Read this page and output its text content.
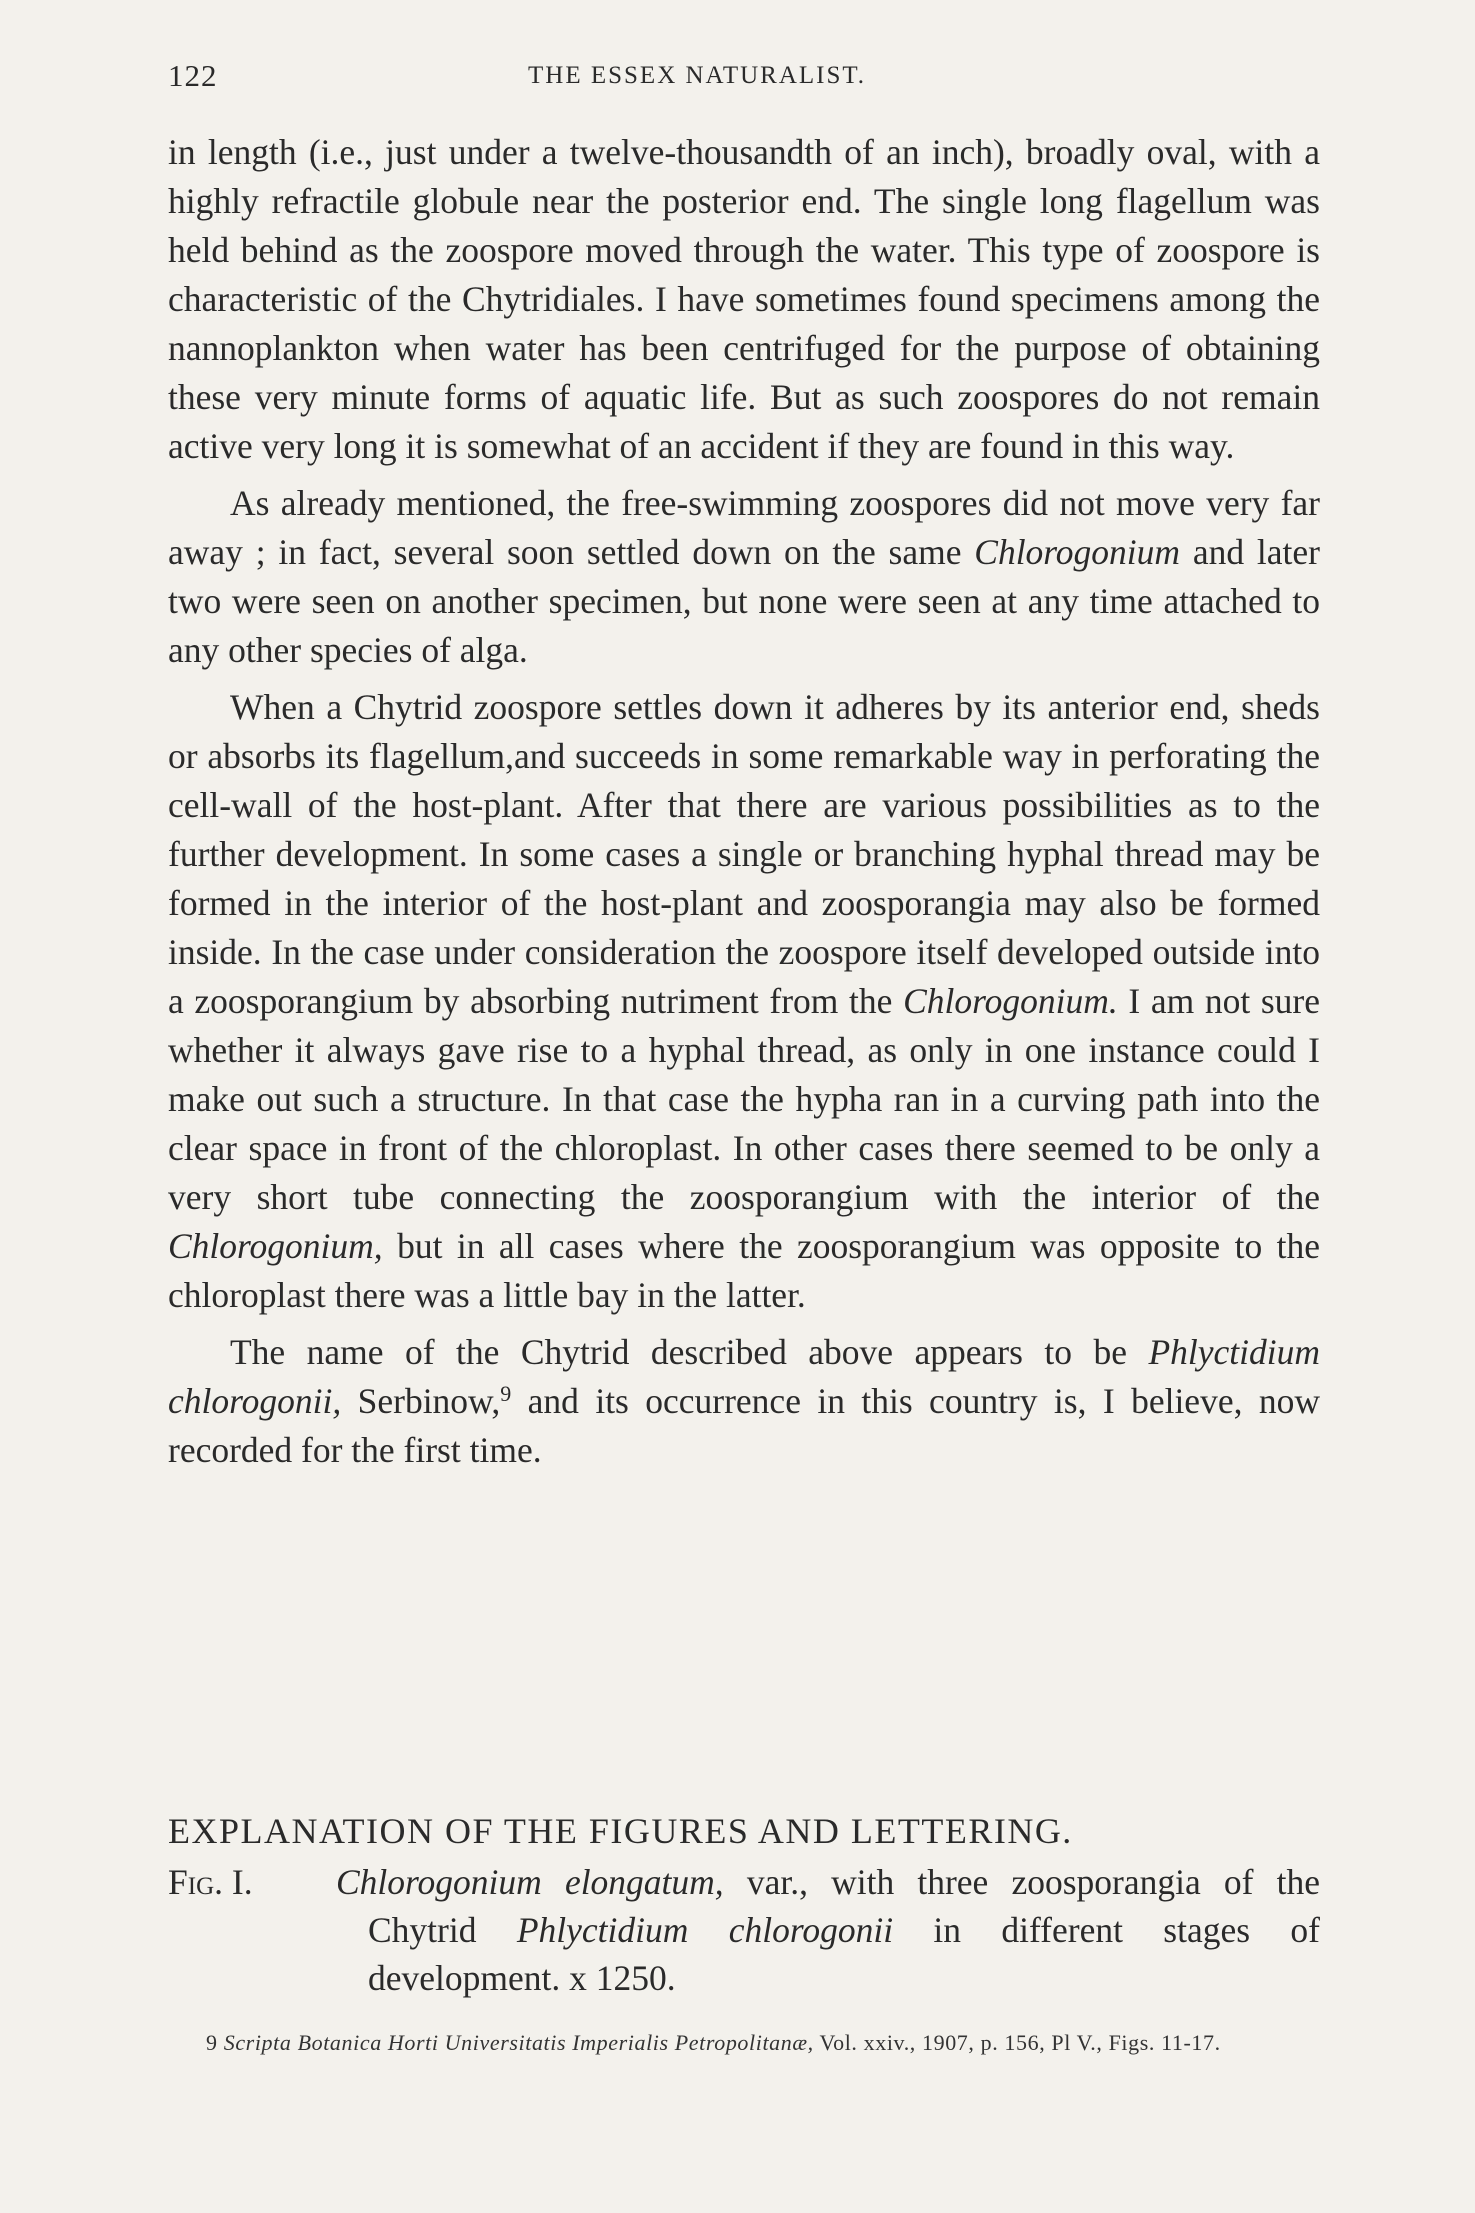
122	THE ESSEX NATURALIST.

in length (i.e., just under a twelve-thousandth of an inch), broadly oval, with a highly refractile globule near the posterior end. The single long flagellum was held behind as the zoospore moved through the water. This type of zoospore is characteristic of the Chytridiales. I have sometimes found specimens among the nannoplankton when water has been centrifuged for the purpose of obtaining these very minute forms of aquatic life. But as such zoospores do not remain active very long it is somewhat of an accident if they are found in this way.

As already mentioned, the free-swimming zoospores did not move very far away ; in fact, several soon settled down on the same Chlorogonium and later two were seen on another specimen, but none were seen at any time attached to any other species of alga.

When a Chytrid zoospore settles down it adheres by its anterior end, sheds or absorbs its flagellum,and succeeds in some remarkable way in perforating the cell-wall of the host-plant. After that there are various possibilities as to the further development. In some cases a single or branching hyphal thread may be formed in the interior of the host-plant and zoosporangia may also be formed inside. In the case under consideration the zoospore itself developed outside into a zoosporangium by absorbing nutriment from the Chlorogonium. I am not sure whether it always gave rise to a hyphal thread, as only in one instance could I make out such a structure. In that case the hypha ran in a curving path into the clear space in front of the chloroplast. In other cases there seemed to be only a very short tube connecting the zoosporangium with the interior of the Chlorogonium, but in all cases where the zoosporangium was opposite to the chloroplast there was a little bay in the latter.

The name of the Chytrid described above appears to be Phlyctidium chlorogonii, Serbinow,$^9$ and its occurrence in this country is, I believe, now recorded for the first time.

EXPLANATION OF THE FIGURES AND LETTERING.
Fig. I. Chlorogonium elongatum, var., with three zoosporangia of the Chytrid Phlyctidium chlorogonii in different stages of development. x 1250.
9 Scripta Botanica Horti Universitatis Imperialis Petropolitanæ, Vol. xxiv., 1907, p. 156, Pl V., Figs. 11-17.
